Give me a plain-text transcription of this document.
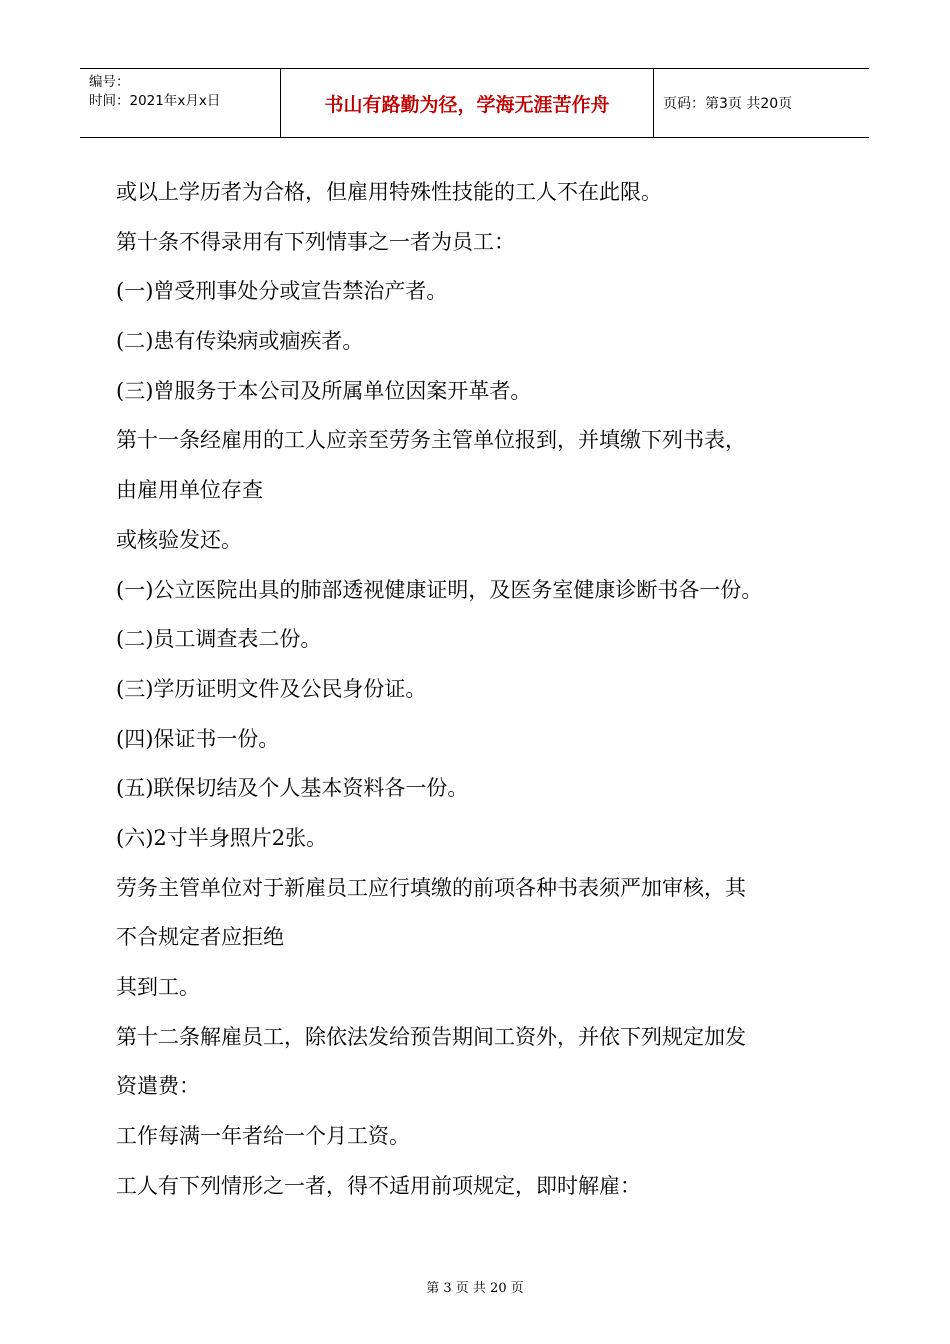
编号：
时间：2021年x月x日	书山有路勤为径，学海无涯苦作舟	页码：第3页 共20页
或以上学历者为合格，但雇用特殊性技能的工人不在此限。
第十条不得录用有下列情事之一者为员工：
(一)曾受刑事处分或宣告禁治产者。
(二)患有传染病或痼疾者。
(三)曾服务于本公司及所属单位因案开革者。
第十一条经雇用的工人应亲至劳务主管单位报到，并填缴下列书表，
由雇用单位存查
或核验发还。
(一)公立医院出具的肺部透视健康证明，及医务室健康诊断书各一份。
(二)员工调查表二份。
(三)学历证明文件及公民身份证。
(四)保证书一份。
(五)联保切结及个人基本资料各一份。
(六)2寸半身照片2张。
劳务主管单位对于新雇员工应行填缴的前项各种书表须严加审核，其
不合规定者应拒绝
其到工。
第十二条解雇员工，除依法发给预告期间工资外，并依下列规定加发
资遣费：
工作每满一年者给一个月工资。
工人有下列情形之一者，得不适用前项规定，即时解雇：
第 3 页 共 20 页
